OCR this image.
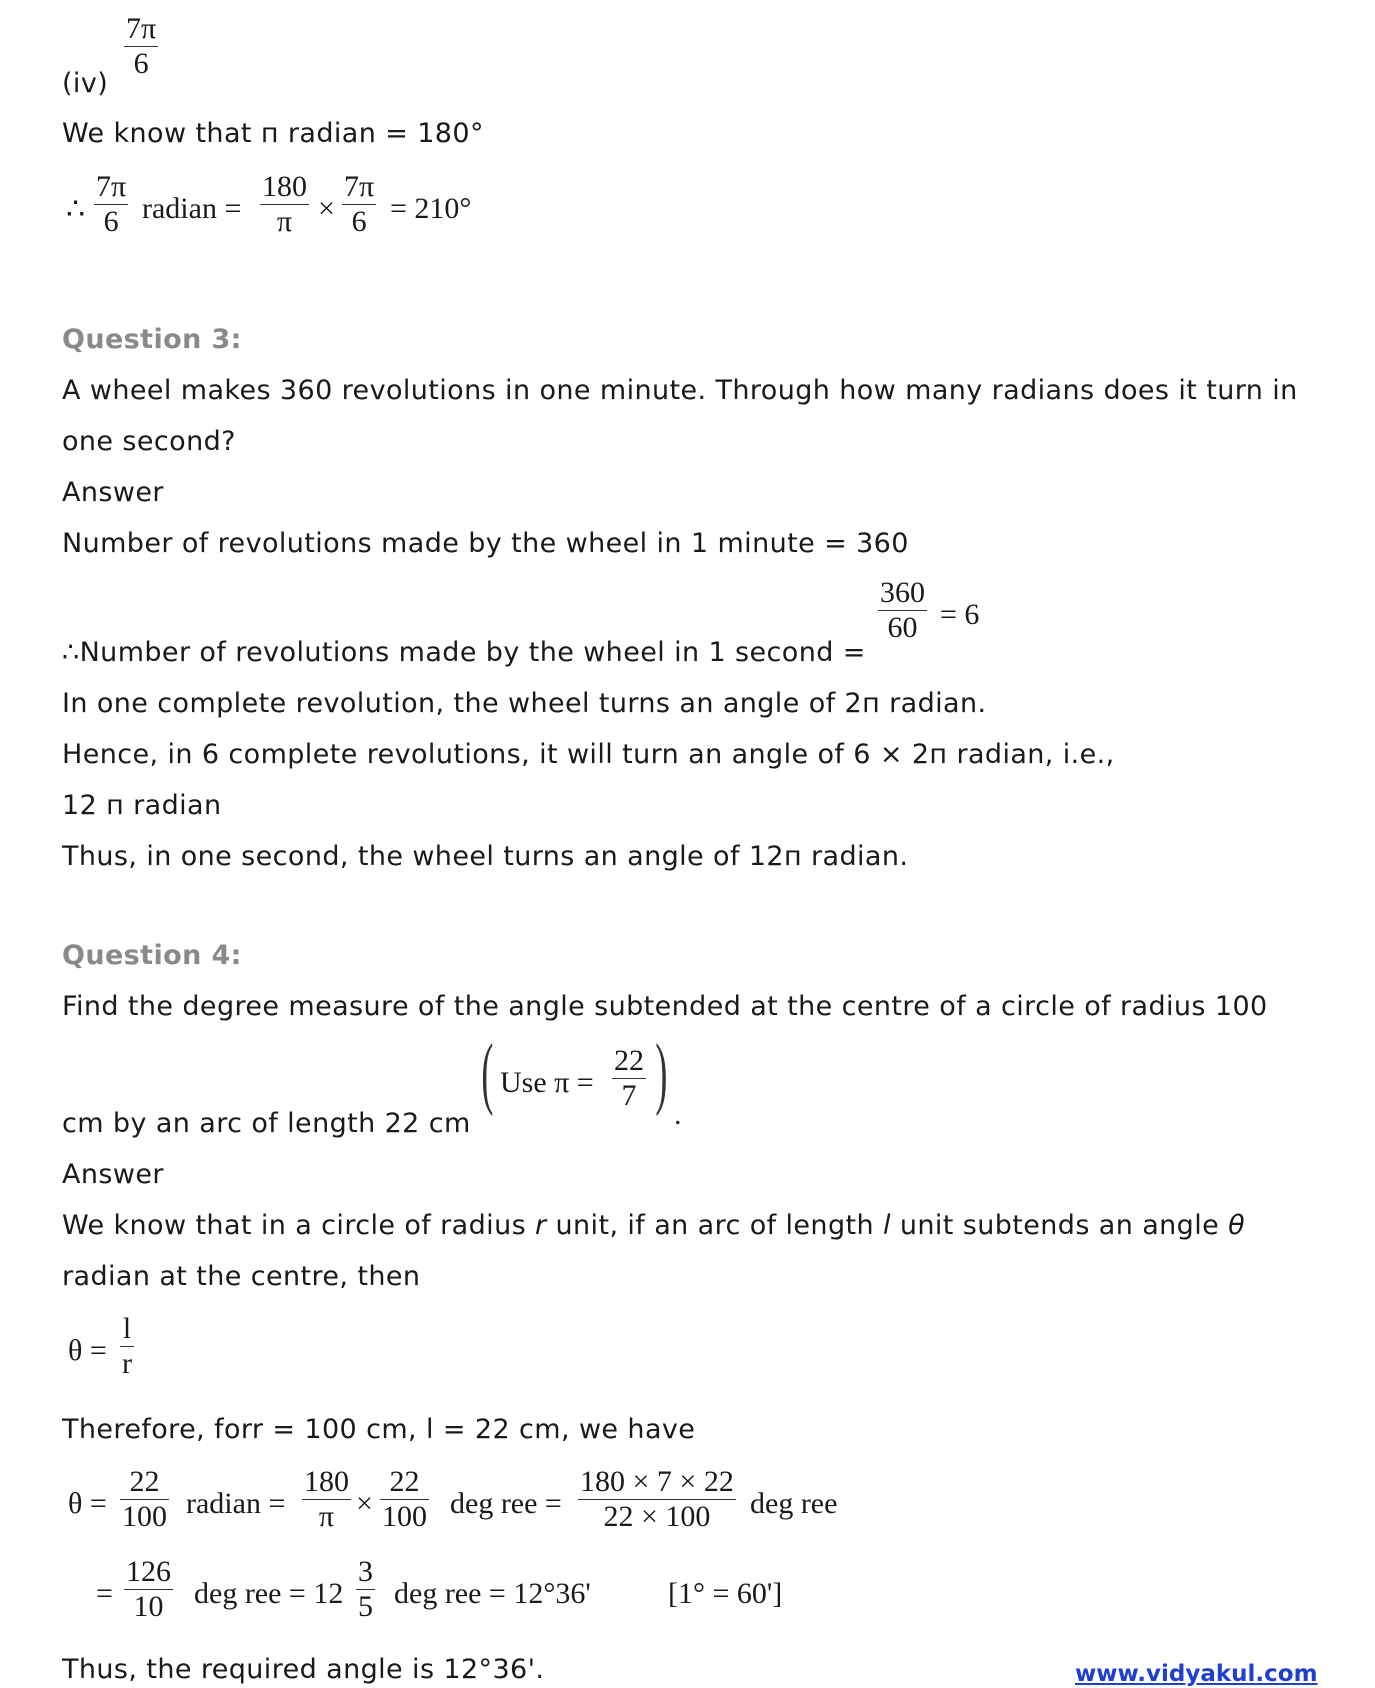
$\frac{7\pi}{6}$
(iv)
We know that п radian = 180°
∴ $\frac{7\pi}{6}$ radian = $\frac{180}{\pi} \times \frac{7\pi}{6} = 210^\circ$
Question 3:
A wheel makes 360 revolutions in one minute. Through how many radians does it turn in
one second?
Answer
Number of revolutions made by the wheel in 1 minute = 360
∴Number of revolutions made by the wheel in 1 second =
$\frac{360}{60} = 6$
In one complete revolution, the wheel turns an angle of 2п radian.
Hence, in 6 complete revolutions, it will turn an angle of 6 × 2п radian, i.e.,
12 п radian
Thus, in one second, the wheel turns an angle of 12п radian.
Question 4:
Find the degree measure of the angle subtended at the centre of a circle of radius 100
cm by an arc of length 22 cm
( Use $\pi = \frac{22}{7}$ ) .
Answer
We know that in a circle of radius r unit, if an arc of length l unit subtends an angle θ
radian at the centre, then
$\theta = \frac{l}{r}$
Therefore, forr = 100 cm, l = 22 cm, we have
$\theta = \frac{22}{100}$ radian = $\frac{180}{\pi} \times \frac{22}{100}$ deg ree = $\frac{180 \times 7 \times 22}{22 \times 100}$ deg ree
= $\frac{126}{10}$ deg ree = $12 \frac{3}{5}$ deg ree = 12°36'	[1° = 60']
Thus, the required angle is 12°36'.	www.vidyakul.com
